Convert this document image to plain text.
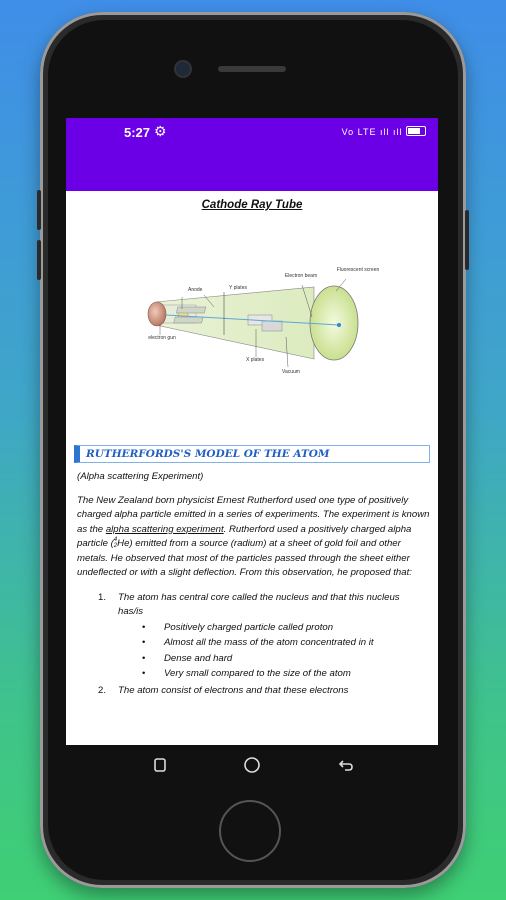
5:27 ⚙	Vo LTE ıll ıll
Cathode Ray Tube
Anode	Y plates
Electron beam
Fluorescent screen
electron gun
X plates
Vacuum
RUTHERFORDS'S MODEL OF THE ATOM
(Alpha scattering Experiment)
The New Zealand born physicist Ernest Rutherford used one type of positively charged alpha particle emitted in a series of experiments. The experiment is known as the alpha scattering experiment. Rutherford used a positively charged alpha particle (4
2He) emitted from a source (radium) at a sheet of gold foil and other metals. He observed that most of the particles passed through the sheet either undeflected or with a slight deflection. From this observation, he proposed that:
1. The atom has central core called the nucleus and that this nucleus has/is
• Positively charged particle called proton
• Almost all the mass of the atom concentrated in it
• Dense and hard
• Very small compared to the size of the atom
2. The atom consist of electrons and that these electrons
